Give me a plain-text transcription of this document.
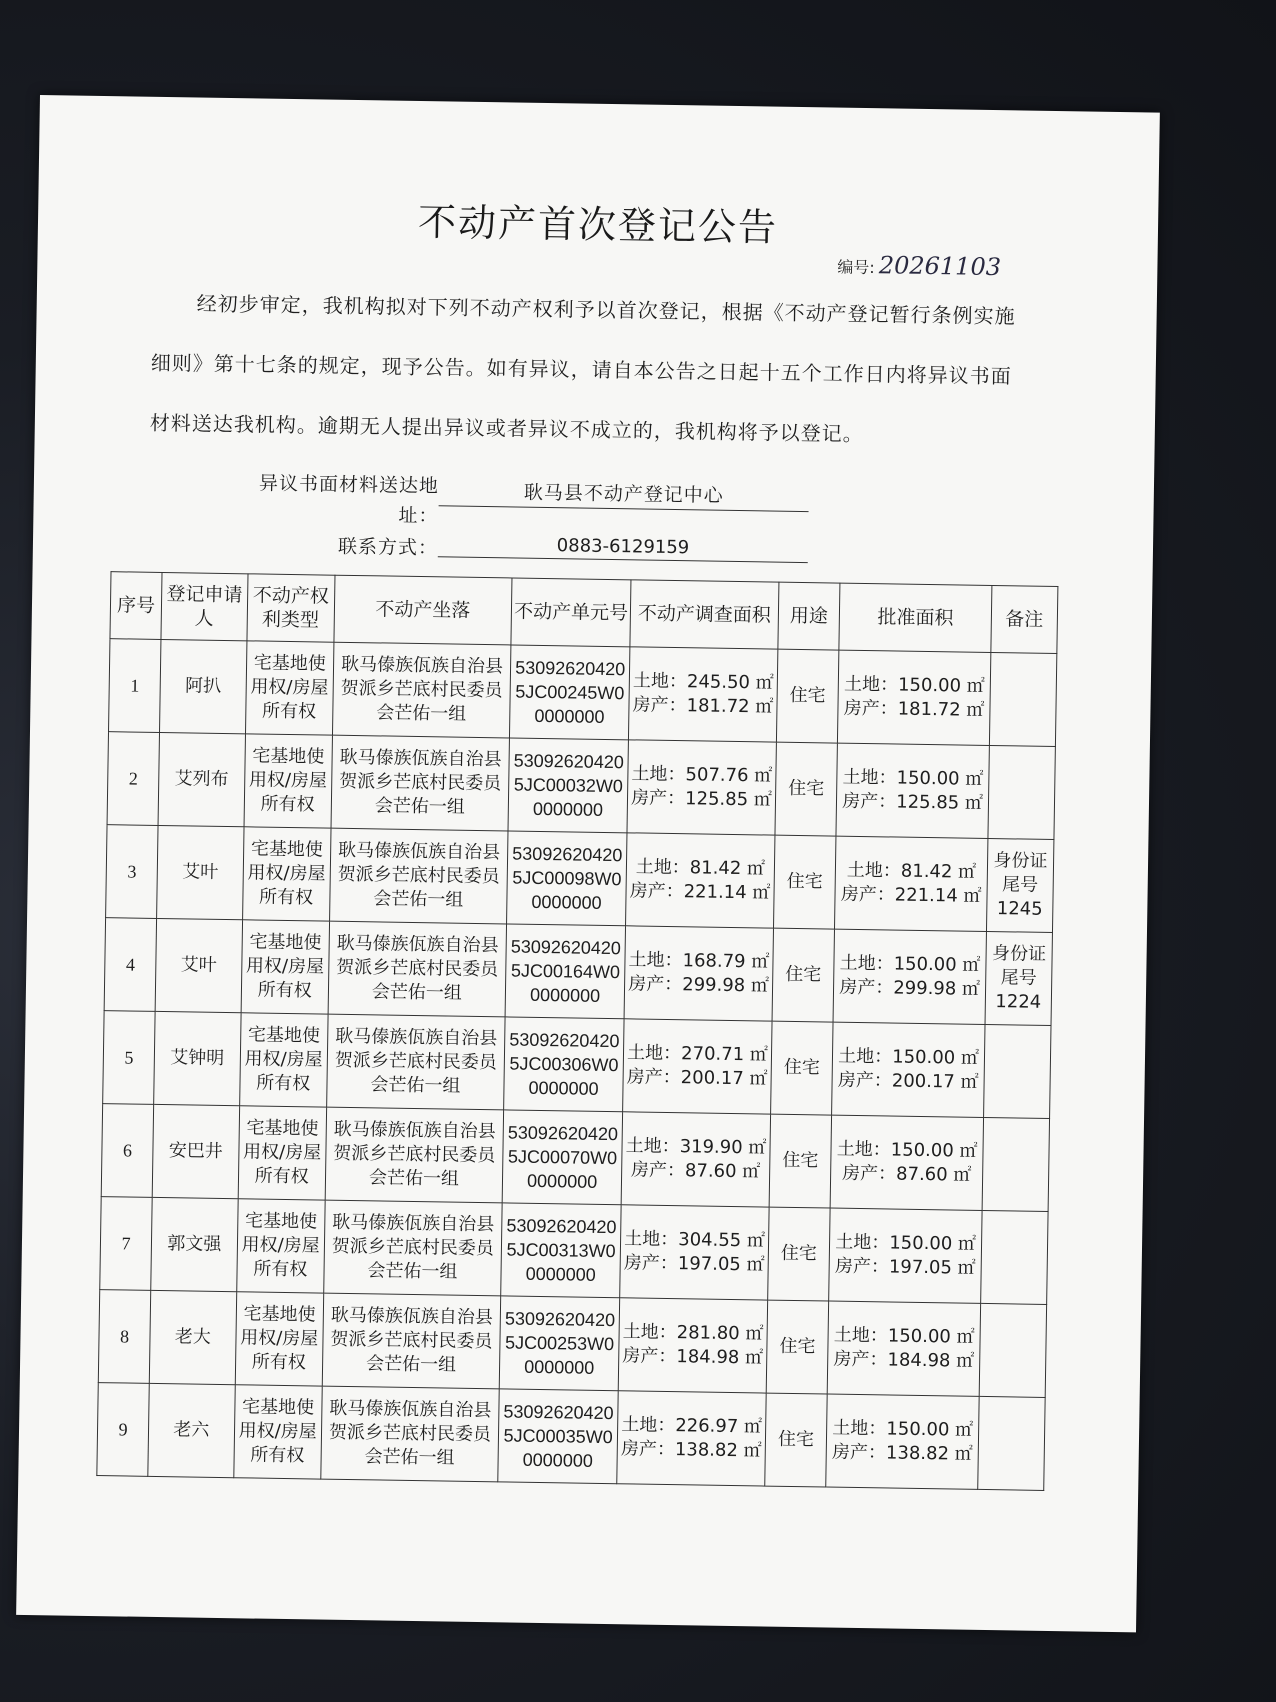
不动产首次登记公告
编号: 20261103
经初步审定，我机构拟对下列不动产权利予以首次登记，根据《不动产登记暂行条例实施
细则》第十七条的规定，现予公告。如有异议，请自本公告之日起十五个工作日内将异议书面
材料送达我机构。逾期无人提出异议或者异议不成立的，我机构将予以登记。
异议书面材料送达地
址：
耿马县不动产登记中心
联系方式：	0883-6129159
序号	登记申请人	不动产权利类型	不动产坐落	不动产单元号	不动产调查面积	用途	批准面积	备注
1	阿扒	宅基地使用权/房屋所有权	耿马傣族佤族自治县贺派乡芒底村民委员会芒佑一组	530926204205JC00245W00000000	土地：245.50 ㎡
房产：181.72 ㎡	住宅	土地：150.00 ㎡
房产：181.72 ㎡	

2	艾列布	宅基地使用权/房屋所有权	耿马傣族佤族自治县贺派乡芒底村民委员会芒佑一组	530926204205JC00032W00000000	土地：507.76 ㎡
房产：125.85 ㎡	住宅	土地：150.00 ㎡
房产：125.85 ㎡	

3	艾叶	宅基地使用权/房屋所有权	耿马傣族佤族自治县贺派乡芒底村民委员会芒佑一组	530926204205JC00098W00000000	土地：81.42 ㎡
房产：221.14 ㎡	住宅	土地：81.42 ㎡
房产：221.14 ㎡	身份证尾号1245
4	艾叶	宅基地使用权/房屋所有权	耿马傣族佤族自治县贺派乡芒底村民委员会芒佑一组	530926204205JC00164W00000000	土地：168.79 ㎡
房产：299.98 ㎡	住宅	土地：150.00 ㎡
房产：299.98 ㎡	身份证尾号1224
5	艾钟明	宅基地使用权/房屋所有权	耿马傣族佤族自治县贺派乡芒底村民委员会芒佑一组	530926204205JC00306W00000000	土地：270.71 ㎡
房产：200.17 ㎡	住宅	土地：150.00 ㎡
房产：200.17 ㎡	

6	安巴井	宅基地使用权/房屋所有权	耿马傣族佤族自治县贺派乡芒底村民委员会芒佑一组	530926204205JC00070W00000000	土地：319.90 ㎡
房产：87.60 ㎡	住宅	土地：150.00 ㎡
房产：87.60 ㎡	

7	郭文强	宅基地使用权/房屋所有权	耿马傣族佤族自治县贺派乡芒底村民委员会芒佑一组	530926204205JC00313W00000000	土地：304.55 ㎡
房产：197.05 ㎡	住宅	土地：150.00 ㎡
房产：197.05 ㎡	

8	老大	宅基地使用权/房屋所有权	耿马傣族佤族自治县贺派乡芒底村民委员会芒佑一组	530926204205JC00253W00000000	土地：281.80 ㎡
房产：184.98 ㎡	住宅	土地：150.00 ㎡
房产：184.98 ㎡	

9	老六	宅基地使用权/房屋所有权	耿马傣族佤族自治县贺派乡芒底村民委员会芒佑一组	530926204205JC00035W00000000	土地：226.97 ㎡
房产：138.82 ㎡	住宅	土地：150.00 ㎡
房产：138.82 ㎡	
